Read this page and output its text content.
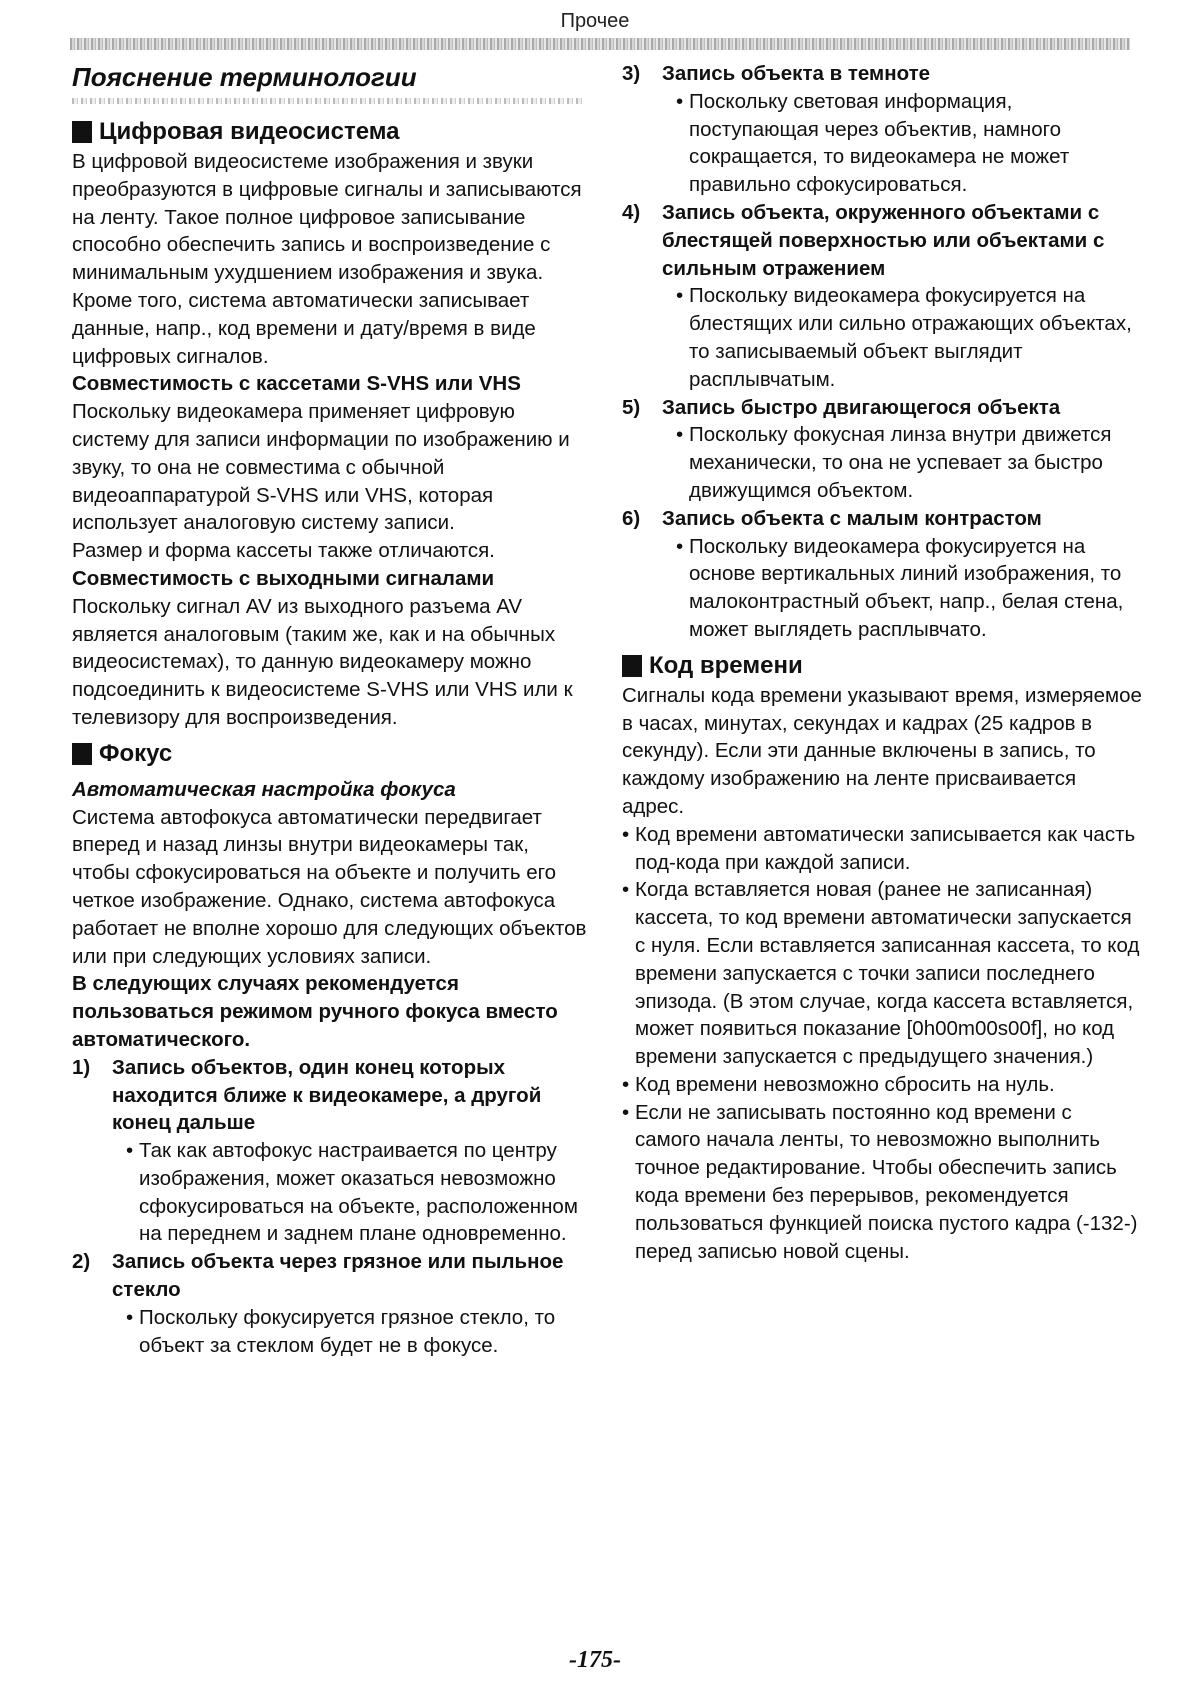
Прочее
Пояснение терминологии
Цифровая видеосистема

В цифровой видеосистеме изображения и звуки преобразуются в цифровые сигналы и записываются на ленту. Такое полное цифровое записывание способно обеспечить запись и воспроизведение с минимальным ухудшением изображения и звука.

Кроме того, система автоматически записывает данные, напр., код времени и дату/время в виде цифровых сигналов.

Совместимость с кассетами S-VHS или VHS

Поскольку видеокамера применяет цифровую систему для записи информации по изображению и звуку, то она не совместима с обычной видеоаппаратурой S-VHS или VHS, которая использует аналоговую систему записи.

Размер и форма кассеты также отличаются.

Совместимость с выходными сигналами

Поскольку сигнал AV из выходного разъема AV является аналоговым (таким же, как и на обычных видеосистемах), то данную видеокамеру можно подсоединить к видеосистеме S-VHS или VHS или к телевизору для воспроизведения.

Фокус

Автоматическая настройка фокуса

Система автофокуса автоматически передвигает вперед и назад линзы внутри видеокамеры так, чтобы сфокусироваться на объекте и получить его четкое изображение. Однако, система автофокуса работает не вполне хорошо для следующих объектов или при следующих условиях записи.

В следующих случаях рекомендуется пользоваться режимом ручного фокуса вместо автоматического.

1)	Запись объектов, один конец которых находится ближе к видеокамере, а другой конец дальше
• Так как автофокус настраивается по центру изображения, может оказаться невозможно сфокусироваться на объекте, расположенном на переднем и заднем плане одновременно.
2)	Запись объекта через грязное или пыльное стекло
• Поскольку фокусируется грязное стекло, то объект за стеклом будет не в фокусе.
3)	Запись объекта в темноте
• Поскольку световая информация, поступающая через объектив, намного сокращается, то видеокамера не может правильно сфокусироваться.
4)	Запись объекта, окруженного объектами с блестящей поверхностью или объектами с сильным отражением
• Поскольку видеокамера фокусируется на блестящих или сильно отражающих объектах, то записываемый объект выглядит расплывчатым.
5)	Запись быстро двигающегося объекта
• Поскольку фокусная линза внутри движется механически, то она не успевает за быстро движущимся объектом.
6)	Запись объекта с малым контрастом
• Поскольку видеокамера фокусируется на основе вертикальных линий изображения, то малоконтрастный объект, напр., белая стена, может выглядеть расплывчато.
Код времени

Сигналы кода времени указывают время, измеряемое в часах, минутах, секундах и кадрах (25 кадров в секунду). Если эти данные включены в запись, то каждому изображению на ленте присваивается адрес.

• Код времени автоматически записывается как часть под-кода при каждой записи.
• Когда вставляется новая (ранее не записанная) кассета, то код времени автоматически запускается с нуля. Если вставляется записанная кассета, то код времени запускается с точки записи последнего эпизода. (В этом случае, когда кассета вставляется, может появиться показание [0h00m00s00f], но код времени запускается с предыдущего значения.)
• Код времени невозможно сбросить на нуль.
• Если не записывать постоянно код времени с самого начала ленты, то невозможно выполнить точное редактирование. Чтобы обеспечить запись кода времени без перерывов, рекомендуется пользоваться функцией поиска пустого кадра (-132-) перед записью новой сцены.
-175-
